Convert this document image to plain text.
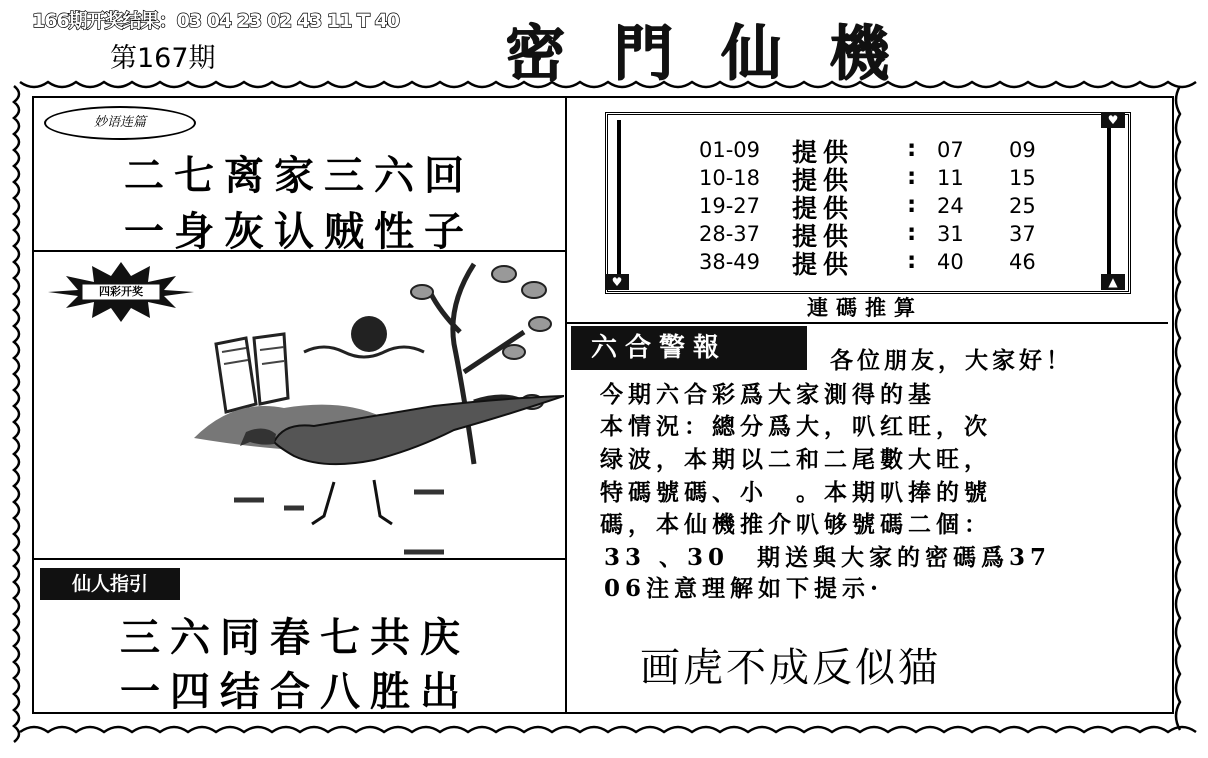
166期开奖结果：03 04 23 02 43 11 T 40
第167期	密門仙機
妙语连篇
二七离家三六回
一身灰认贼性子
四彩开奖
仙人指引
三六同春七共庆
一四结合八胜出
♥
♥	▲
01-09 提供 : 07 09
10-18 提供 : 11 15
19-27 提供 : 24 25
28-37 提供 : 31 37
38-49 提供 : 40 46
連碼推算
六合警報	各位朋友，大家好！
今期六合彩爲大家測得的基
本情況：總分爲大，叭红旺，次
绿波，本期以二和二尾數大旺，
特碼號碼、小　。本期叭捧的號
碼，本仙機推介叭够號碼二個：
33 、30　期送與大家的密碼爲37
06注意理解如下提示·
画虎不成反似猫
